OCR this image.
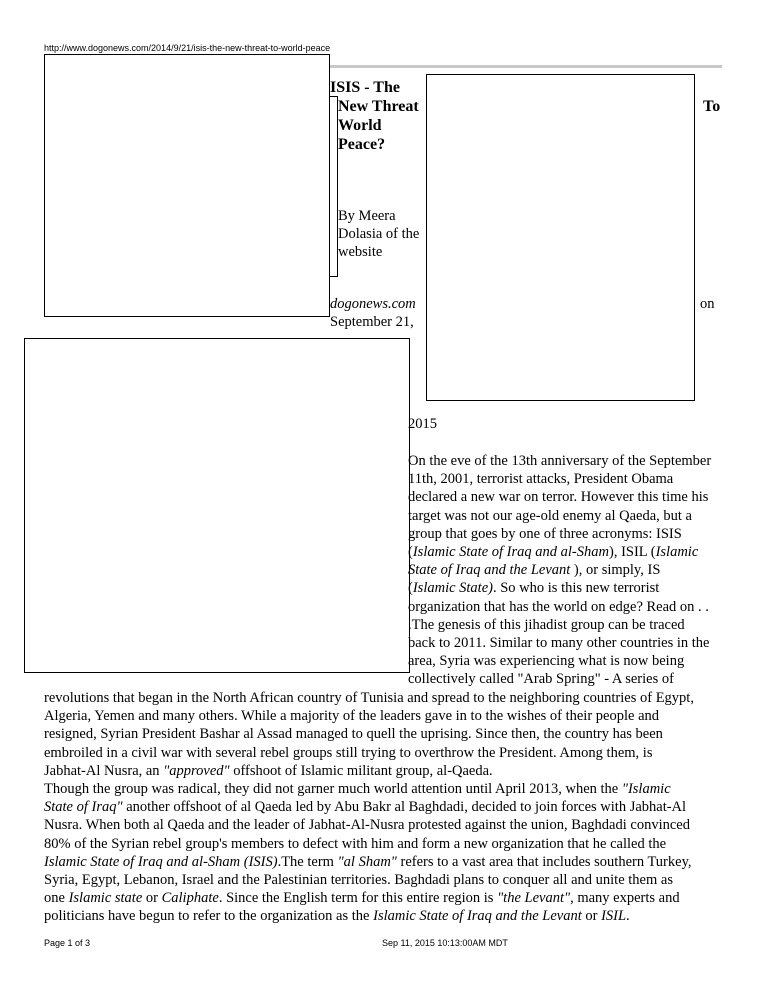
http://www.dogonews.com/2014/9/21/isis-the-new-threat-to-world-peace
ISIS - The
New Threat
World
Peace?
To
By Meera
Dolasia of the
website
dogonews.com	on
September 21,
2015
On the eve of the 13th anniversary of the September
11th, 2001, terrorist attacks, President Obama
declared a new war on terror. However this time his
target was not our age-old enemy al Qaeda, but a
group that goes by one of three acronyms: ISIS
(Islamic State of Iraq and al-Sham), ISIL (Islamic
State of Iraq and the Levant ), or simply, IS
(Islamic State). So who is this new terrorist
organization that has the world on edge? Read on . .
.The genesis of this jihadist group can be traced
back to 2011. Similar to many other countries in the
area, Syria was experiencing what is now being
collectively called "Arab Spring" - A series of
revolutions that began in the North African country of Tunisia and spread to the neighboring countries of Egypt,
Algeria, Yemen and many others. While a majority of the leaders gave in to the wishes of their people and
resigned, Syrian President Bashar al Assad managed to quell the uprising. Since then, the country has been
embroiled in a civil war with several rebel groups still trying to overthrow the President. Among them, is
Jabhat-Al Nusra, an "approved" offshoot of Islamic militant group, al-Qaeda.
Though the group was radical, they did not garner much world attention until April 2013, when the "Islamic
State of Iraq" another offshoot of al Qaeda led by Abu Bakr al Baghdadi, decided to join forces with Jabhat-Al
Nusra. When both al Qaeda and the leader of Jabhat-Al-Nusra protested against the union, Baghdadi convinced
80% of the Syrian rebel group's members to defect with him and form a new organization that he called the
Islamic State of Iraq and al-Sham (ISIS).The term "al Sham" refers to a vast area that includes southern Turkey,
Syria, Egypt, Lebanon, Israel and the Palestinian territories. Baghdadi plans to conquer all and unite them as
one Islamic state or Caliphate. Since the English term for this entire region is "the Levant", many experts and
politicians have begun to refer to the organization as the Islamic State of Iraq and the Levant or ISIL.
Page 1 of 3	Sep 11, 2015 10:13:00AM MDT
